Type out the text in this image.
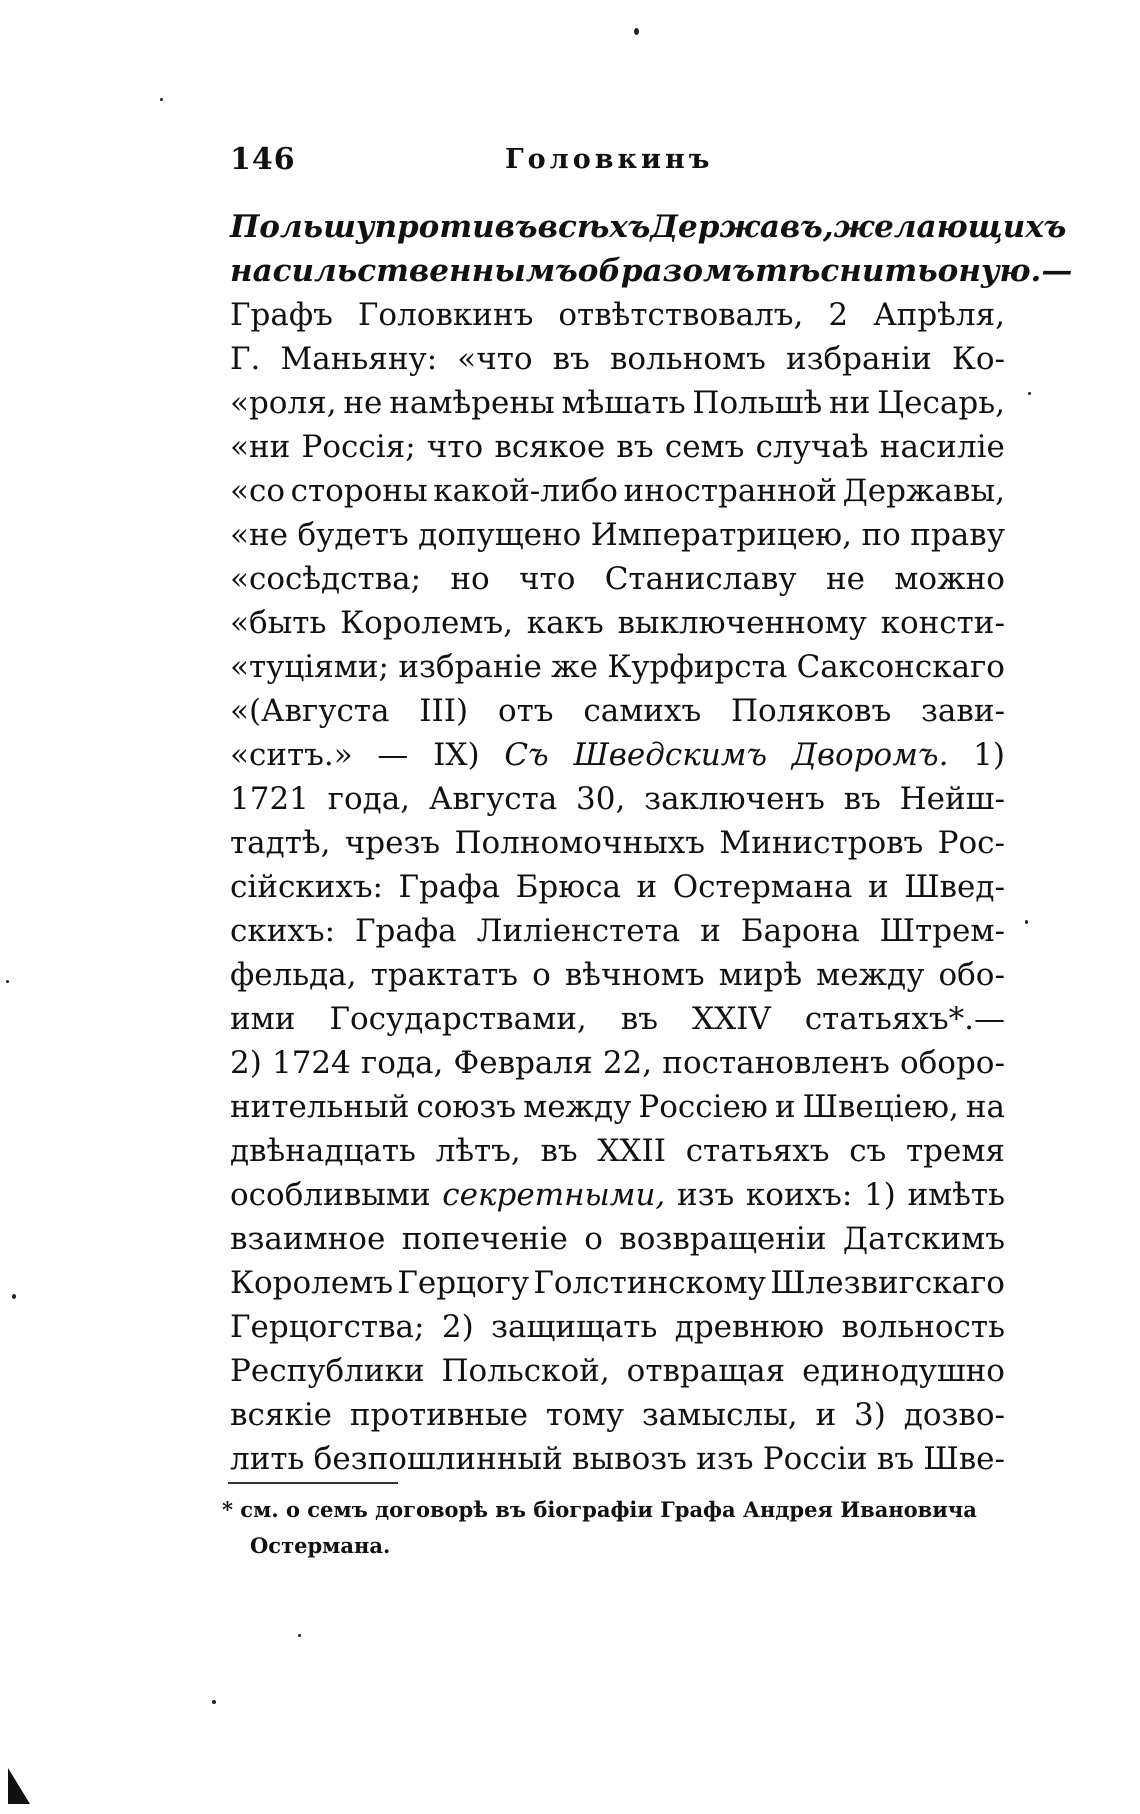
146	Головкинъ
Польшу противъ всѣхъ Державъ, желающихъ
насильственнымъ образомъ тѣснить оную. —
Графъ Головкинъ отвѣтствовалъ, 2 Апрѣля,
Г. Маньяну: «что въ вольномъ избраніи Ко-
«роля, не намѣрены мѣшать Польшѣ ни Цесарь,
«ни Россія; что всякое въ семъ случаѣ насиліе
«со стороны какой-либо иностранной Державы,
«не будетъ допущено Императрицею, по праву
«сосѣдства; но что Станиславу не можно
«быть Королемъ, какъ выключенному консти-
«туціями; избраніе же Курфирста Саксонскаго
«(Августа III) отъ самихъ Поляковъ зави-
«ситъ.» — IX) Съ Шведскимъ Дворомъ. 1)
1721 года, Августа 30, заключенъ въ Нейш-
тадтѣ, чрезъ Полномочныхъ Министровъ Рос-
сійскихъ: Графа Брюса и Остермана и Швед-
скихъ: Графа Лиліенстета и Барона Штрем-
фельда, трактатъ о вѣчномъ мирѣ между обо-
ими Государствами, въ XXIV статьяхъ*.—
2) 1724 года, Февраля 22, постановленъ оборо-
нительный союзъ между Россіею и Швеціею, на
двѣнадцать лѣтъ, въ XXII статьяхъ съ тремя
особливыми секретными, изъ коихъ: 1) имѣть
взаимное попеченіе о возвращеніи Датскимъ
Королемъ Герцогу Голстинскому Шлезвигскаго
Герцогства; 2) защищать древнюю вольность
Республики Польской, отвращая единодушно
всякіе противные тому замыслы, и 3) дозво-
лить безпошлинный вывозъ изъ Россіи въ Шве-
* см. о семъ договорѣ въ біографіи Графа Андрея Ивановича
Остермана.
